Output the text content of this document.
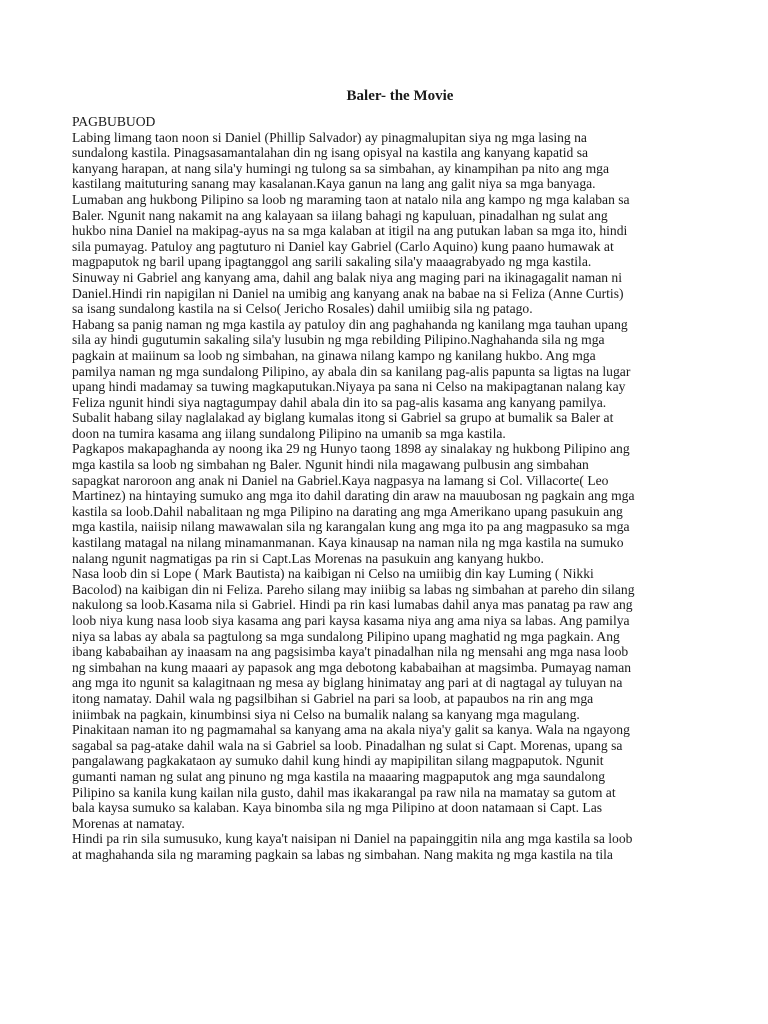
Baler- the Movie
PAGBUBUOD
Labing limang taon noon si Daniel (Phillip Salvador) ay pinagmalupitan siya ng mga lasing na
sundalong kastila. Pinagsasamantalahan din ng isang opisyal na kastila ang kanyang kapatid sa
kanyang harapan, at nang sila'y humingi ng tulong sa sa simbahan, ay kinampihan pa nito ang mga
kastilang maituturing sanang may kasalanan.Kaya ganun na lang ang galit niya sa mga banyaga.
Lumaban ang hukbong Pilipino sa loob ng maraming taon at natalo nila ang kampo ng mga kalaban sa
Baler. Ngunit nang nakamit na ang kalayaan sa iilang bahagi ng kapuluan, pinadalhan ng sulat ang
hukbo nina Daniel na makipag-ayus na sa mga kalaban at itigil na ang putukan laban sa mga ito, hindi
sila pumayag. Patuloy ang pagtuturo ni Daniel kay Gabriel (Carlo Aquino) kung paano humawak at
magpaputok ng baril upang ipagtanggol ang sarili sakaling sila'y maaagrabyado ng mga kastila.
Sinuway ni Gabriel ang kanyang ama, dahil ang balak niya ang maging pari na ikinagagalit naman ni
Daniel.Hindi rin napigilan ni Daniel na umibig ang kanyang anak na babae na si Feliza (Anne Curtis)
sa isang sundalong kastila na si Celso( Jericho Rosales) dahil umiibig sila ng patago.
Habang sa panig naman ng mga kastila ay patuloy din ang paghahanda ng kanilang mga tauhan upang
sila ay hindi gugutumin sakaling sila'y lusubin ng mga rebilding Pilipino.Naghahanda sila ng mga
pagkain at maiinum sa loob ng simbahan, na ginawa nilang kampo ng kanilang hukbo. Ang mga
pamilya naman ng mga sundalong Pilipino, ay abala din sa kanilang pag-alis papunta sa ligtas na lugar
upang hindi madamay sa tuwing magkaputukan.Niyaya pa sana ni Celso na makipagtanan nalang kay
Feliza ngunit hindi siya nagtagumpay dahil abala din ito sa pag-alis kasama ang kanyang pamilya.
Subalit habang silay naglalakad ay biglang kumalas itong si Gabriel sa grupo at bumalik sa Baler at
doon na tumira kasama ang iilang sundalong Pilipino na umanib sa mga kastila.
Pagkapos makapaghanda ay noong ika 29 ng Hunyo taong 1898 ay sinalakay ng hukbong Pilipino ang
mga kastila sa loob ng simbahan ng Baler. Ngunit hindi nila magawang pulbusin ang simbahan
sapagkat naroroon ang anak ni Daniel na Gabriel.Kaya nagpasya na lamang si Col. Villacorte( Leo
Martinez) na hintaying sumuko ang mga ito dahil darating din araw na mauubosan ng pagkain ang mga
kastila sa loob.Dahil nabalitaan ng mga Pilipino na darating ang mga Amerikano upang pasukuin ang
mga kastila, naiisip nilang mawawalan sila ng karangalan kung ang mga ito pa ang magpasuko sa mga
kastilang matagal na nilang minamanmanan. Kaya kinausap na naman nila ng mga kastila na sumuko
nalang ngunit nagmatigas pa rin si Capt.Las Morenas na pasukuin ang kanyang hukbo.
Nasa loob din si Lope ( Mark Bautista) na kaibigan ni Celso na umiibig din kay Luming ( Nikki
Bacolod) na kaibigan din ni Feliza. Pareho silang may iniibig sa labas ng simbahan at pareho din silang
nakulong sa loob.Kasama nila si Gabriel. Hindi pa rin kasi lumabas dahil anya mas panatag pa raw ang
loob niya kung nasa loob siya kasama ang pari kaysa kasama niya ang ama niya sa labas. Ang pamilya
niya sa labas ay abala sa pagtulong sa mga sundalong Pilipino upang maghatid ng mga pagkain. Ang
ibang kababaihan ay inaasam na ang pagsisimba kaya't pinadalhan nila ng mensahi ang mga nasa loob
ng simbahan na kung maaari ay papasok ang mga debotong kababaihan at magsimba. Pumayag naman
ang mga ito ngunit sa kalagitnaan ng mesa ay biglang hinimatay ang pari at di nagtagal ay tuluyan na
itong namatay. Dahil wala ng pagsilbihan si Gabriel na pari sa loob, at papaubos na rin ang mga
iniimbak na pagkain, kinumbinsi siya ni Celso na bumalik nalang sa kanyang mga magulang.
Pinakitaan naman ito ng pagmamahal sa kanyang ama na akala niya'y galit sa kanya. Wala na ngayong
sagabal sa pag-atake dahil wala na si Gabriel sa loob. Pinadalhan ng sulat si Capt. Morenas, upang sa
pangalawang pagkakataon ay sumuko dahil kung hindi ay mapipilitan silang magpaputok. Ngunit
gumanti naman ng sulat ang pinuno ng mga kastila na maaaring magpaputok ang mga saundalong
Pilipino sa kanila kung kailan nila gusto, dahil mas ikakarangal pa raw nila na mamatay sa gutom at
bala kaysa sumuko sa kalaban. Kaya binomba sila ng mga Pilipino at doon natamaan si Capt. Las
Morenas at namatay.
Hindi pa rin sila sumusuko, kung kaya't naisipan ni Daniel na papainggitin nila ang mga kastila sa loob
at maghahanda sila ng maraming pagkain sa labas ng simbahan. Nang makita ng mga kastila na tila
